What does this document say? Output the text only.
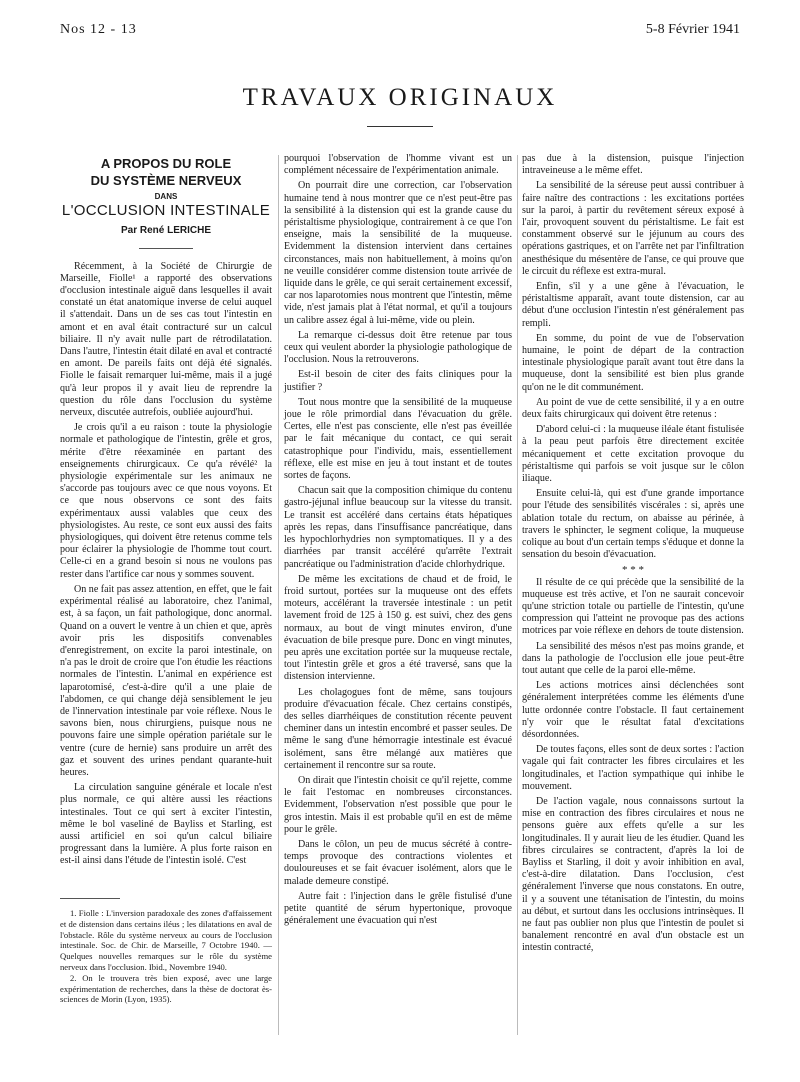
Nos 12 - 13	5-8 Février 1941
TRAVAUX ORIGINAUX
A PROPOS DU ROLE
DU SYSTÈME NERVEUX
DANS
L'OCCLUSION INTESTINALE
Par René LERICHE

Récemment, à la Société de Chirurgie de Marseille, Fiolle¹ a rapporté des observations d'occlusion intestinale aiguë dans lesquelles il avait constaté un état anatomique inverse de celui auquel il s'attendait. Dans un de ses cas tout l'intestin en amont et en aval était contracturé sur un calcul biliaire. Il n'y avait nulle part de rétrodilatation. Dans l'autre, l'intestin était dilaté en aval et contracté en amont. De pareils faits ont déjà été signalés. Fiolle le faisait remarquer lui-même, mais il a jugé qu'à leur propos il y avait lieu de reprendre la question du rôle dans l'occlusion du système nerveux, discutée autrefois, oubliée aujourd'hui.

Je crois qu'il a eu raison : toute la physiologie normale et pathologique de l'intestin, grêle et gros, mérite d'être réexaminée en partant des enseignements chirurgicaux. Ce qu'a révélé² la physiologie expérimentale sur les animaux ne s'accorde pas toujours avec ce que nous voyons. Et ce que nous observons ce sont des faits expérimentaux aussi valables que ceux des physiologistes. Au reste, ce sont eux aussi des faits physiologiques, qui doivent être retenus comme tels pour éclairer la physiologie de l'homme tout court. Celle-ci en a grand besoin si nous ne voulons pas rester dans l'artifice car nous y sommes souvent.

On ne fait pas assez attention, en effet, que le fait expérimental réalisé au laboratoire, chez l'animal, est, à sa façon, un fait pathologique, donc anormal. Quand on a ouvert le ventre à un chien et que, après avoir pris les dispositifs convenables d'enregistrement, on excite la paroi intestinale, on n'a pas le droit de croire que l'on étudie les réactions normales de l'intestin. L'animal en expérience est laparotomisé, c'est-à-dire qu'il a une plaie de l'abdomen, ce qui change déjà sensiblement le jeu de l'innervation intestinale par voie réflexe. Nous le savons bien, nous chirurgiens, puisque nous ne pouvons faire une simple opération pariétale sur le ventre (cure de hernie) sans produire un arrêt des gaz et souvent des urines pendant quarante-huit heures.

La circulation sanguine générale et locale n'est plus normale, ce qui altère aussi les réactions intestinales. Tout ce qui sert à exciter l'intestin, même le bol vaseliné de Bayliss et Starling, est aussi artificiel en soi qu'un calcul biliaire progressant dans la lumière. A plus forte raison en est-il ainsi dans l'étude de l'intestin isolé. C'est

1. Fiolle : L'inversion paradoxale des zones d'affaissement et de distension dans certains iléus ; les dilatations en aval de l'obstacle. Rôle du système nerveux au cours de l'occlusion intestinale. Soc. de Chir. de Marseille, 7 Octobre 1940. — Quelques nouvelles remarques sur le rôle du système nerveux dans l'occlusion. Ibid., Novembre 1940.

2. On le trouvera très bien exposé, avec une large expérimentation de recherches, dans la thèse de doctorat ès-sciences de Morin (Lyon, 1935).

pourquoi l'observation de l'homme vivant est un complément nécessaire de l'expérimentation animale.

On pourrait dire une correction, car l'observation humaine tend à nous montrer que ce n'est peut-être pas la sensibilité à la distension qui est la grande cause du péristaltisme physiologique, contrairement à ce que l'on enseigne, mais la sensibilité de la muqueuse. Evidemment la distension intervient dans certaines circonstances, mais non habituellement, à moins qu'on ne veuille considérer comme distension toute arrivée de liquide dans le grêle, ce qui serait certainement excessif, car nos laparotomies nous montrent que l'intestin, même vide, n'est jamais plat à l'état normal, et qu'il a toujours un calibre assez égal à lui-même, vide ou plein.

La remarque ci-dessus doit être retenue par tous ceux qui veulent aborder la physiologie pathologique de l'occlusion. Nous la retrouverons.

Est-il besoin de citer des faits cliniques pour la justifier ?

Tout nous montre que la sensibilité de la muqueuse joue le rôle primordial dans l'évacuation du grêle. Certes, elle n'est pas consciente, elle n'est pas éveillée par le fait mécanique du contact, ce qui serait catastrophique pour l'individu, mais, essentiellement réflexe, elle est mise en jeu à tout instant et de toutes sortes de façons.

Chacun sait que la composition chimique du contenu gastro-jéjunal influe beaucoup sur la vitesse du transit. Le transit est accéléré dans certains états hépatiques après les repas, dans l'insuffisance pancréatique, dans les hypochlorhydries non symptomatiques. Il y a des diarrhées par transit accéléré qu'arrête l'extrait pancréatique ou l'administration d'acide chlorhydrique.

De même les excitations de chaud et de froid, le froid surtout, portées sur la muqueuse ont des effets moteurs, accélérant la traversée intestinale : un petit lavement froid de 125 à 150 g. est suivi, chez des gens normaux, au bout de vingt minutes environ, d'une évacuation de bile presque pure. Donc en vingt minutes, peu après une excitation portée sur la muqueuse rectale, tout l'intestin grêle et gros a été traversé, sans que la distension intervienne.

Les cholagogues font de même, sans toujours produire d'évacuation fécale. Chez certains constipés, des selles diarrhéiques de constitution récente peuvent cheminer dans un intestin encombré et passer seules. De même le sang d'une hémorragie intestinale est évacué isolément, sans être mélangé aux matières que certainement il rencontre sur sa route.

On dirait que l'intestin choisit ce qu'il rejette, comme le fait l'estomac en nombreuses circonstances. Evidemment, l'observation n'est possible que pour le gros intestin. Mais il est probable qu'il en est de même pour le grêle.

Dans le côlon, un peu de mucus sécrété à contre-temps provoque des contractions violentes et douloureuses et se fait évacuer isolément, alors que le malade demeure constipé.

Autre fait : l'injection dans le grêle fistulisé d'une petite quantité de sérum hypertonique, provoque généralement une évacuation qui n'est

pas due à la distension, puisque l'injection intraveineuse a le même effet.

La sensibilité de la séreuse peut aussi contribuer à faire naître des contractions : les excitations portées sur la paroi, à partir du revêtement séreux exposé à l'air, provoquent souvent du péristaltisme. Le fait est constamment observé sur le jéjunum au cours des opérations gastriques, et on l'arrête net par l'infiltration anesthésique du mésentère de l'anse, ce qui prouve que le circuit du réflexe est extra-mural.

Enfin, s'il y a une gêne à l'évacuation, le péristaltisme apparaît, avant toute distension, car au début d'une occlusion l'intestin n'est généralement pas rempli.

En somme, du point de vue de l'observation humaine, le point de départ de la contraction intestinale physiologique paraît avant tout être dans la muqueuse, dont la sensibilité est bien plus grande qu'on ne le dit communément.

Au point de vue de cette sensibilité, il y a en outre deux faits chirurgicaux qui doivent être retenus :

D'abord celui-ci : la muqueuse iléale étant fistulisée à la peau peut parfois être directement excitée mécaniquement et cette excitation provoque du péristaltisme qui parfois se voit jusque sur le côlon iliaque.

Ensuite celui-là, qui est d'une grande importance pour l'étude des sensibilités viscérales : si, après une ablation totale du rectum, on abaisse au périnée, à travers le sphincter, le segment colique, la muqueuse colique au bout d'un certain temps s'éduque et donne la sensation du besoin d'évacuation.

* * *

Il résulte de ce qui précède que la sensibilité de la muqueuse est très active, et l'on ne saurait concevoir qu'une striction totale ou partielle de l'intestin, qu'une compression qui l'atteint ne provoque pas des actions motrices par voie réflexe en dehors de toute distension.

La sensibilité des mésos n'est pas moins grande, et dans la pathologie de l'occlusion elle joue peut-être tout autant que celle de la paroi elle-même.

Les actions motrices ainsi déclenchées sont généralement interprétées comme les éléments d'une lutte ordonnée contre l'obstacle. Il faut certainement n'y voir que le résultat fatal d'excitations désordonnées.

De toutes façons, elles sont de deux sortes : l'action vagale qui fait contracter les fibres circulaires et les longitudinales, et l'action sympathique qui inhibe le mouvement.

De l'action vagale, nous connaissons surtout la mise en contraction des fibres circulaires et nous ne pensons guère aux effets qu'elle a sur les longitudinales. Il y aurait lieu de les étudier. Quand les fibres circulaires se contractent, d'après la loi de Bayliss et Starling, il doit y avoir inhibition en aval, c'est-à-dire dilatation. Dans l'occlusion, c'est généralement l'inverse que nous constatons. En outre, il y a souvent une tétanisation de l'intestin, du moins au début, et surtout dans les occlusions intrinsèques. Il ne faut pas oublier non plus que l'intestin de poulet si banalement rencontré en aval d'un obstacle est un intestin contracté,
